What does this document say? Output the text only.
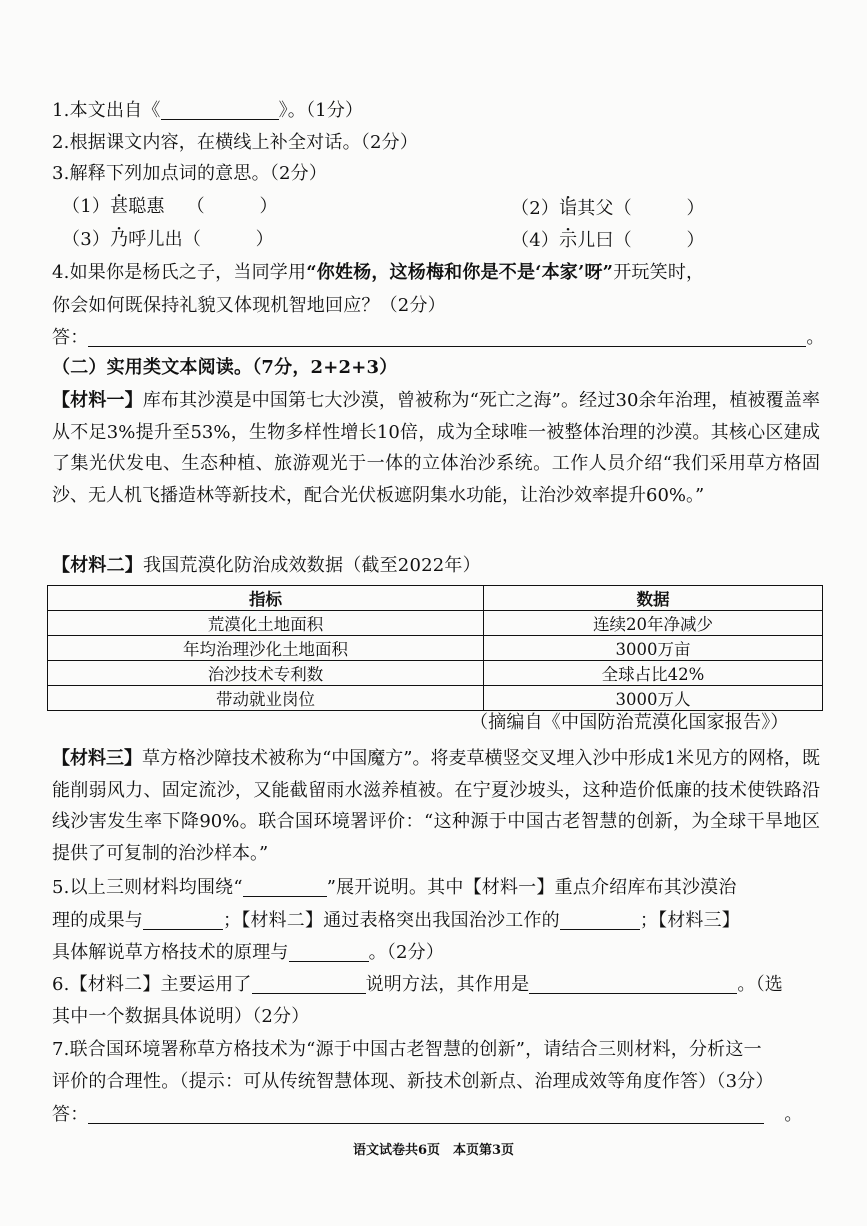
1.本文出自《	》。（1分）
2.根据课文内容，在横线上补全对话。（2分）
3.解释下列加点词的意思。（2分）
（1）甚聪惠 （　　　）	（2）诣其父（　　　）
（3）乃呼儿出（　　　）	（4）示儿曰（　　　）
4.如果你是杨氏之子，当同学用“你姓杨，这杨梅和你是不是‘本家’呀”开玩笑时，
你会如何既保持礼貌又体现机智地回应？（2分）
答：	。
（二）实用类文本阅读。（7分，2+2+3）
【材料一】库布其沙漠是中国第七大沙漠，曾被称为“死亡之海”。经过30余年治理，植被覆盖率从不足3%提升至53%，生物多样性增长10倍，成为全球唯一被整体治理的沙漠。其核心区建成了集光伏发电、生态种植、旅游观光于一体的立体治沙系统。工作人员介绍“我们采用草方格固沙、无人机飞播造林等新技术，配合光伏板遮阴集水功能，让治沙效率提升60%。”
【材料二】我国荒漠化防治成效数据（截至2022年）
指标	数据
荒漠化土地面积	连续20年净减少
年均治理沙化土地面积	3000万亩
治沙技术专利数	全球占比42%
带动就业岗位	3000万人
（摘编自《中国防治荒漠化国家报告》）
【材料三】草方格沙障技术被称为“中国魔方”。将麦草横竖交叉埋入沙中形成1米见方的网格，既能削弱风力、固定流沙，又能截留雨水滋养植被。在宁夏沙坡头，这种造价低廉的技术使铁路沿线沙害发生率下降90%。联合国环境署评价：“这种源于中国古老智慧的创新，为全球干旱地区提供了可复制的治沙样本。”
5.以上三则材料均围绕“	”展开说明。其中【材料一】重点介绍库布其沙漠治
理的成果与	；【材料二】通过表格突出我国治沙工作的	；【材料三】
具体解说草方格技术的原理与	。（2分）
6.【材料二】主要运用了	说明方法，其作用是	。（选
其中一个数据具体说明）（2分）
7.联合国环境署称草方格技术为“源于中国古老智慧的创新”，请结合三则材料，分析这一
评价的合理性。（提示：可从传统智慧体现、新技术创新点、治理成效等角度作答）（3分）
答：	。
语文试卷共6页　本页第3页
